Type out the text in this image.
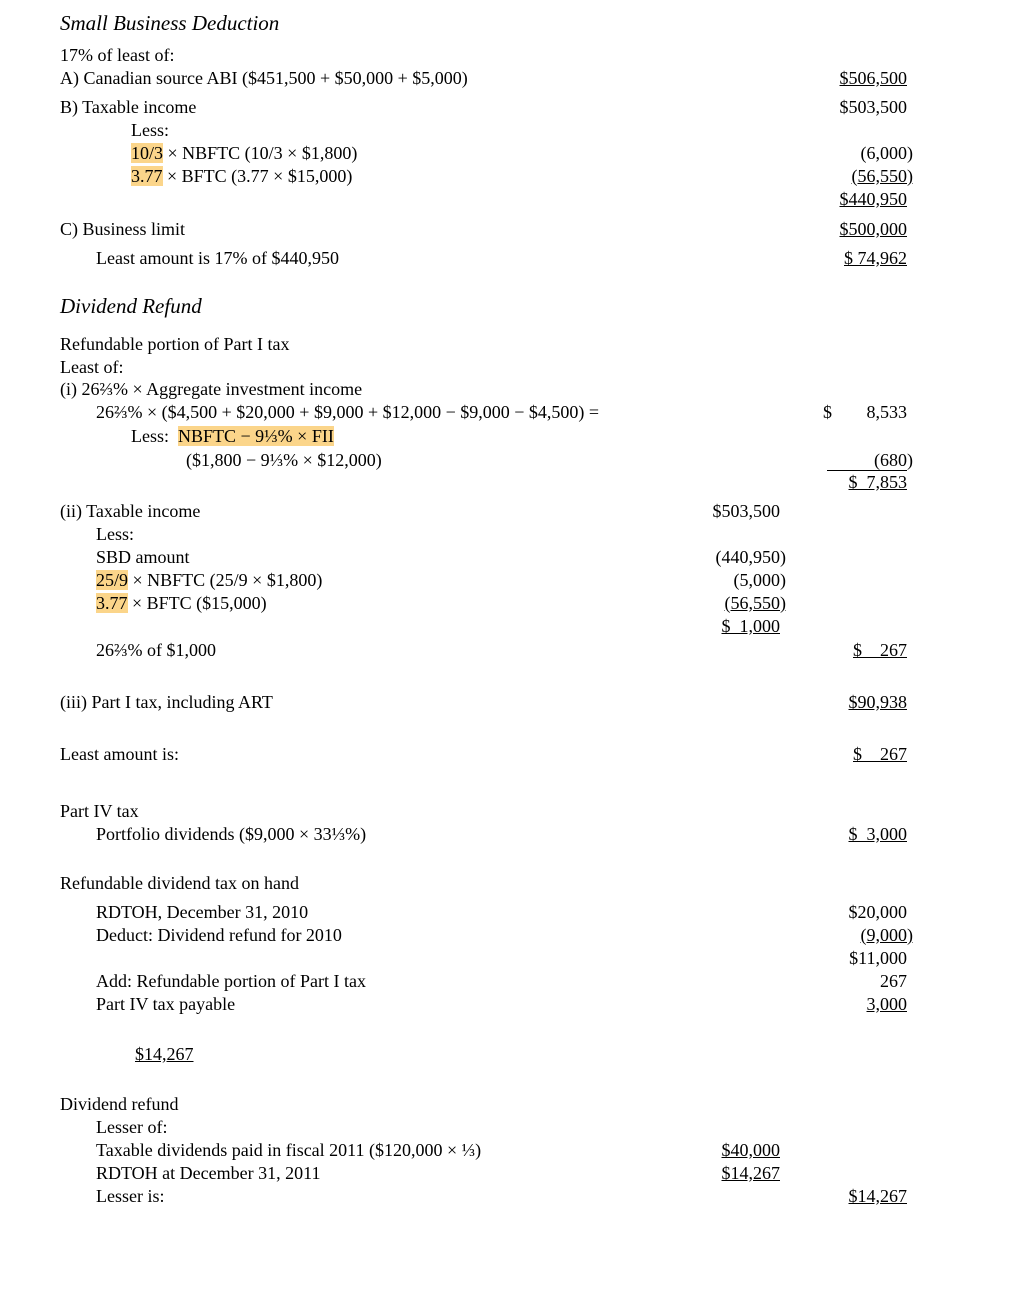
Small Business Deduction
17% of least of:
A) Canadian source ABI ($451,500 + $50,000 + $5,000)	$506,500
B) Taxable income	$503,500
Less:
10/3 × NBFTC (10/3 × $1,800)	(6,000)
3.77 × BFTC (3.77 × $15,000)	(56,550)
$440,950
C) Business limit	$500,000
Least amount is 17% of $440,950	$ 74,962
Dividend Refund
Refundable portion of Part I tax
Least of:
(i) 26⅔% × Aggregate investment income
26⅔% × ($4,500 + $20,000 + $9,000 + $12,000 − $9,000 − $4,500) =	$	8,533
Less: NBFTC − 9⅓% × FII
($1,800 − 9⅓% × $12,000)	(680)
$  7,853
(ii) Taxable income	$503,500
Less:
SBD amount	(440,950)
25/9 × NBFTC (25/9 × $1,800)	(5,000)
3.77 × BFTC ($15,000)	(56,550)
$  1,000
26⅔% of $1,000	$    267
(iii) Part I tax, including ART	$90,938
Least amount is:	$    267
Part IV tax
Portfolio dividends ($9,000 × 33⅓%)	$  3,000
Refundable dividend tax on hand
RDTOH, December 31, 2010	$20,000
Deduct: Dividend refund for 2010	(9,000)
$11,000
Add: Refundable portion of Part I tax	267
Part IV tax payable	3,000
$14,267
Dividend refund
Lesser of:
Taxable dividends paid in fiscal 2011 ($120,000 × ⅓)	$40,000
RDTOH at December 31, 2011	$14,267
Lesser is:	$14,267
